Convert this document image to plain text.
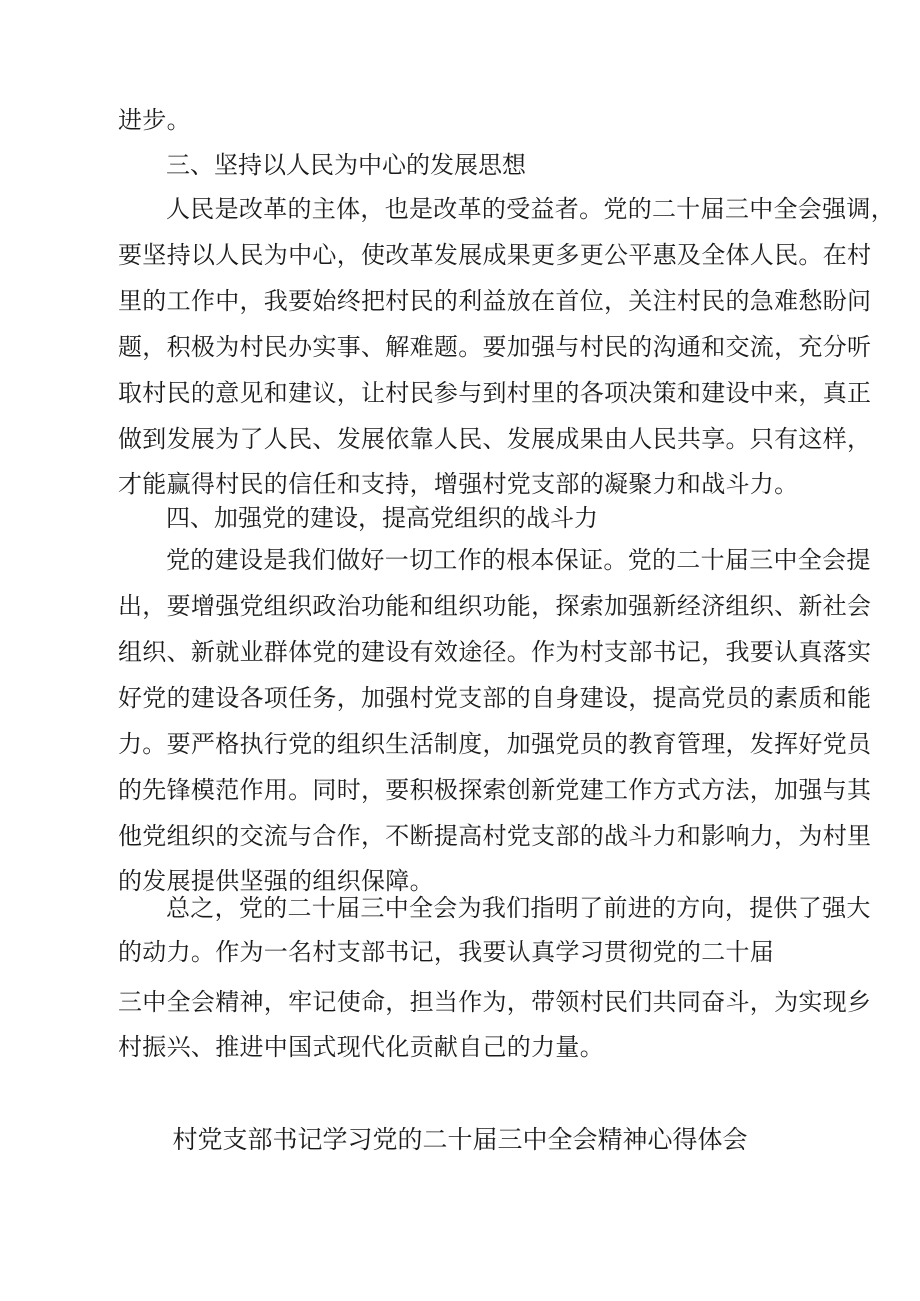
进步。
三、坚持以人民为中心的发展思想
人民是改革的主体，也是改革的受益者。党的二十届三中全会强调，
要坚持以人民为中心，使改革发展成果更多更公平惠及全体人民。在村
里的工作中，我要始终把村民的利益放在首位，关注村民的急难愁盼问
题，积极为村民办实事、解难题。要加强与村民的沟通和交流，充分听
取村民的意见和建议，让村民参与到村里的各项决策和建设中来，真正
做到发展为了人民、发展依靠人民、发展成果由人民共享。只有这样，
才能赢得村民的信任和支持，增强村党支部的凝聚力和战斗力。
四、加强党的建设，提高党组织的战斗力
党的建设是我们做好一切工作的根本保证。党的二十届三中全会提
出，要增强党组织政治功能和组织功能，探索加强新经济组织、新社会
组织、新就业群体党的建设有效途径。作为村支部书记，我要认真落实
好党的建设各项任务，加强村党支部的自身建设，提高党员的素质和能
力。要严格执行党的组织生活制度，加强党员的教育管理，发挥好党员
的先锋模范作用。同时，要积极探索创新党建工作方式方法，加强与其
他党组织的交流与合作，不断提高村党支部的战斗力和影响力，为村里
的发展提供坚强的组织保障。
总之，党的二十届三中全会为我们指明了前进的方向，提供了强大
的动力。作为一名村支部书记，我要认真学习贯彻党的二十届
三中全会精神，牢记使命，担当作为，带领村民们共同奋斗，为实现乡
村振兴、推进中国式现代化贡献自己的力量。
村党支部书记学习党的二十届三中全会精神心得体会
